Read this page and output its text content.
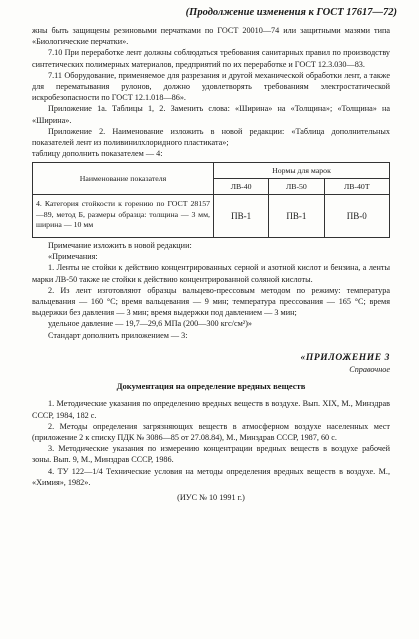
(Продолжение изменения к ГОСТ 17617—72)

жны быть защищены резиновыми перчатками по ГОСТ 20010—74 или защитными мазями типа «Биологические перчатки».

7.10 При переработке лент должны соблюдаться требования санитарных правил по производству синтетических полимерных материалов, предприятий по их переработке и ГОСТ 12.3.030—83.

7.11 Оборудование, применяемое для разрезания и другой механической обработки лент, а также для перематывания рулонов, должно удовлетворять требованиям электростатической искробезопасности по ГОСТ 12.1.018—86».

Приложение 1а. Таблицы 1, 2. Заменить слова: «Ширина» на «Толщина»; «Толщина» на «Ширина».

Приложение 2. Наименование изложить в новой редакции: «Таблица дополнительных показателей лент из поливинилхлоридного пластиката»;

таблицу дополнить показателем — 4:

Наименование показателя	Нормы для марок		
	ЛВ-40	ЛВ-50	ЛВ-40Т
4. Категория стойкости к горению по ГОСТ 28157—89, метод Б, размеры образца: толщина — 3 мм, ширина — 10 мм	ПВ-1	ПВ-1	ПВ-0

Примечание изложить в новой редакции:

«Примечания:

1. Ленты не стойки к действию концентрированных серной и азотной кислот и бензина, а ленты марки ЛВ-50 также не стойки к действию концентрированной соляной кислоты.

2. Из лент изготовляют образцы вальцево-прессовым методом по режиму: температура вальцевания — 160 °С; время вальцевания — 9 мин; температура прессования — 165 °С; время выдержки без давления — 3 мин; время выдержки под давлением — 3 мин;

удельное давление — 19,7—29,6 МПа (200—300 кгс/см²)»

Стандарт дополнить приложением — 3:

«ПРИЛОЖЕНИЕ 3
Справочное
Документация на определение вредных веществ

1. Методические указания по определению вредных веществ в воздухе. Вып. XIX, М., Минздрав СССР, 1984, 182 с.

2. Методы определения загрязняющих веществ в атмосферном воздухе населенных мест (приложение 2 к списку ПДК № 3086—85 от 27.08.84), М., Минздрав СССР, 1987, 60 с.

3. Методические указания по измерению концентрации вредных веществ в воздухе рабочей зоны. Вып. 9, М., Минздрав СССР, 1986.

4. ТУ 122—1/4 Технические условия на методы определения вредных веществ в воздухе. М., «Химия», 1982».

(ИУС № 10 1991 г.)
